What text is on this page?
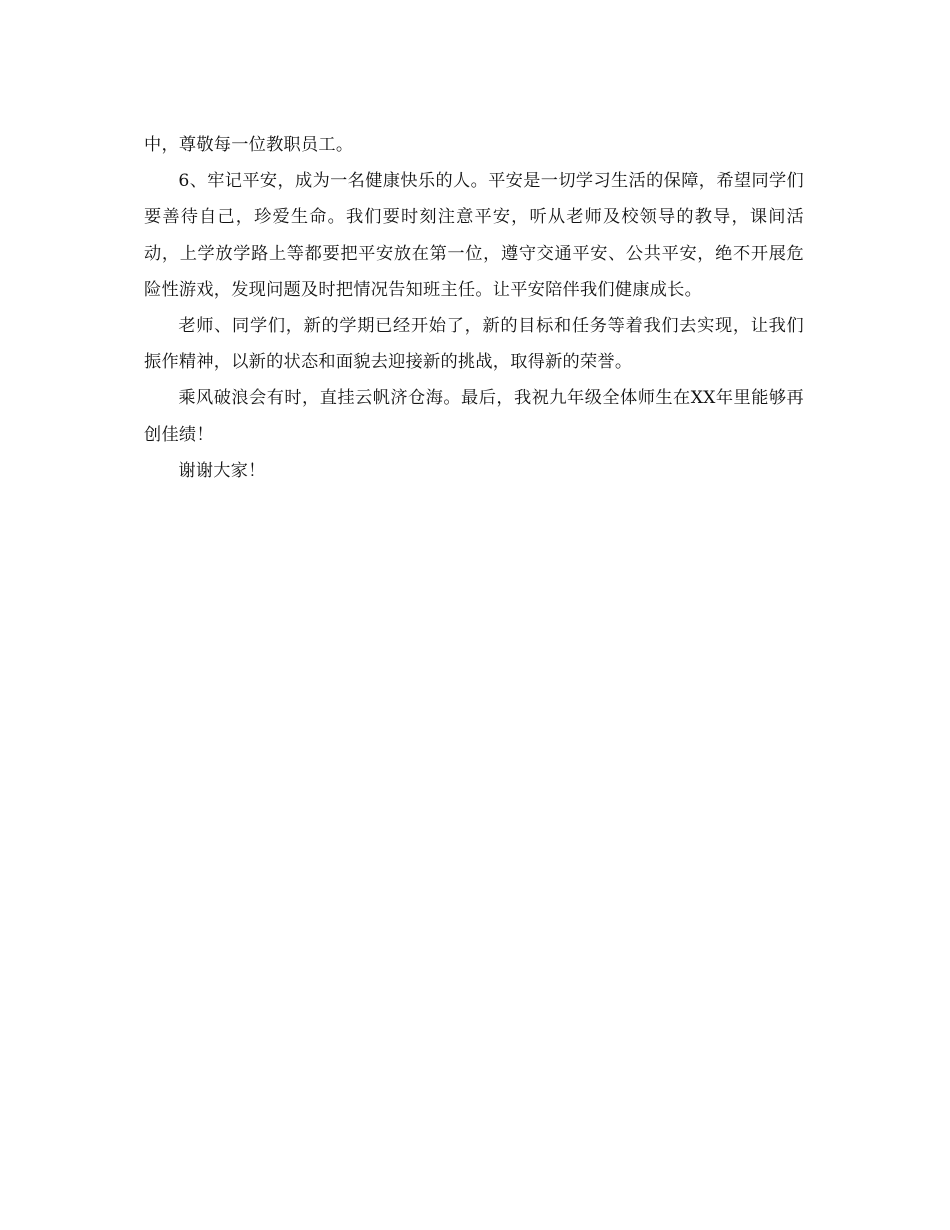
中，尊敬每一位教职员工。

6、牢记平安，成为一名健康快乐的人。平安是一切学习生活的保障，希望同学们要善待自己，珍爱生命。我们要时刻注意平安，听从老师及校领导的教导，课间活动，上学放学路上等都要把平安放在第一位，遵守交通平安、公共平安，绝不开展危险性游戏，发现问题及时把情况告知班主任。让平安陪伴我们健康成长。

老师、同学们，新的学期已经开始了，新的目标和任务等着我们去实现，让我们振作精神，以新的状态和面貌去迎接新的挑战，取得新的荣誉。

乘风破浪会有时，直挂云帆济仓海。最后，我祝九年级全体师生在XX年里能够再创佳绩！

谢谢大家！
